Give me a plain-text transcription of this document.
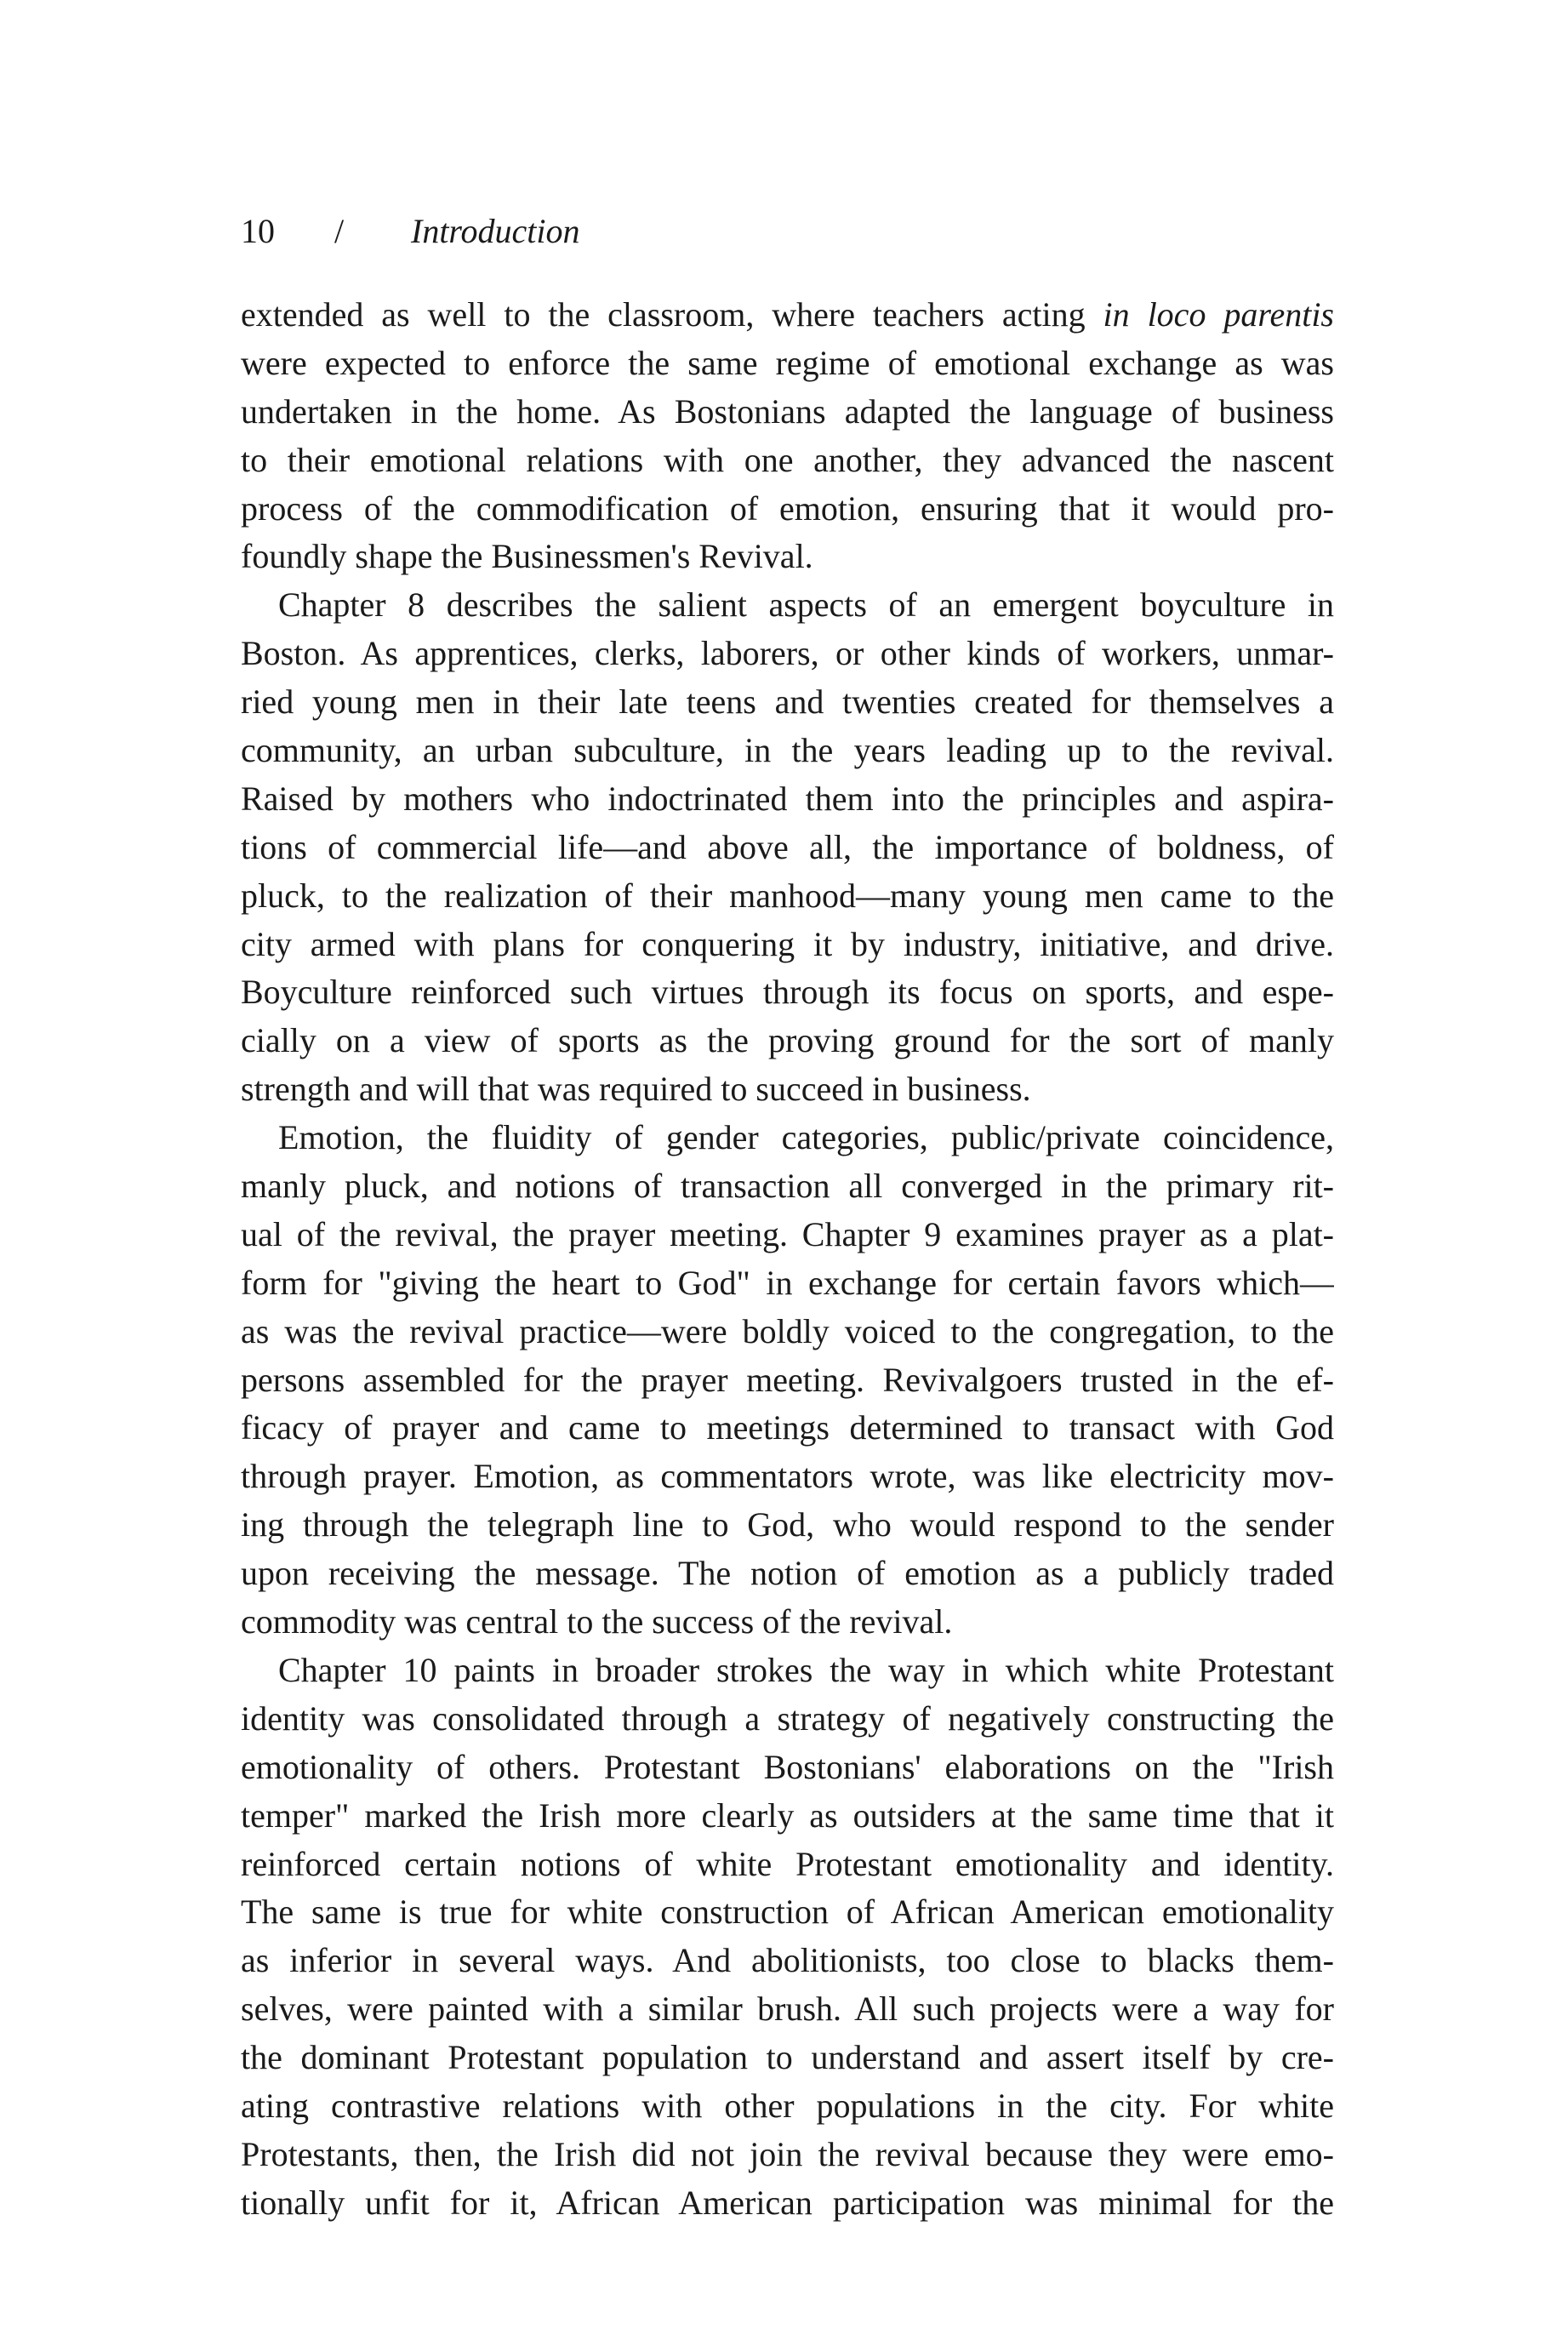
10 / Introduction
extended as well to the classroom, where teachers acting in loco parentis
were expected to enforce the same regime of emotional exchange as was
undertaken in the home. As Bostonians adapted the language of business
to their emotional relations with one another, they advanced the nascent
process of the commodification of emotion, ensuring that it would pro-
foundly shape the Businessmen's Revival.
Chapter 8 describes the salient aspects of an emergent boyculture in
Boston. As apprentices, clerks, laborers, or other kinds of workers, unmar-
ried young men in their late teens and twenties created for themselves a
community, an urban subculture, in the years leading up to the revival.
Raised by mothers who indoctrinated them into the principles and aspira-
tions of commercial life—and above all, the importance of boldness, of
pluck, to the realization of their manhood—many young men came to the
city armed with plans for conquering it by industry, initiative, and drive.
Boyculture reinforced such virtues through its focus on sports, and espe-
cially on a view of sports as the proving ground for the sort of manly
strength and will that was required to succeed in business.
Emotion, the fluidity of gender categories, public/private coincidence,
manly pluck, and notions of transaction all converged in the primary rit-
ual of the revival, the prayer meeting. Chapter 9 examines prayer as a plat-
form for "giving the heart to God" in exchange for certain favors which—
as was the revival practice—were boldly voiced to the congregation, to the
persons assembled for the prayer meeting. Revivalgoers trusted in the ef-
ficacy of prayer and came to meetings determined to transact with God
through prayer. Emotion, as commentators wrote, was like electricity mov-
ing through the telegraph line to God, who would respond to the sender
upon receiving the message. The notion of emotion as a publicly traded
commodity was central to the success of the revival.
Chapter 10 paints in broader strokes the way in which white Protestant
identity was consolidated through a strategy of negatively constructing the
emotionality of others. Protestant Bostonians' elaborations on the "Irish
temper" marked the Irish more clearly as outsiders at the same time that it
reinforced certain notions of white Protestant emotionality and identity.
The same is true for white construction of African American emotionality
as inferior in several ways. And abolitionists, too close to blacks them-
selves, were painted with a similar brush. All such projects were a way for
the dominant Protestant population to understand and assert itself by cre-
ating contrastive relations with other populations in the city. For white
Protestants, then, the Irish did not join the revival because they were emo-
tionally unfit for it, African American participation was minimal for the
